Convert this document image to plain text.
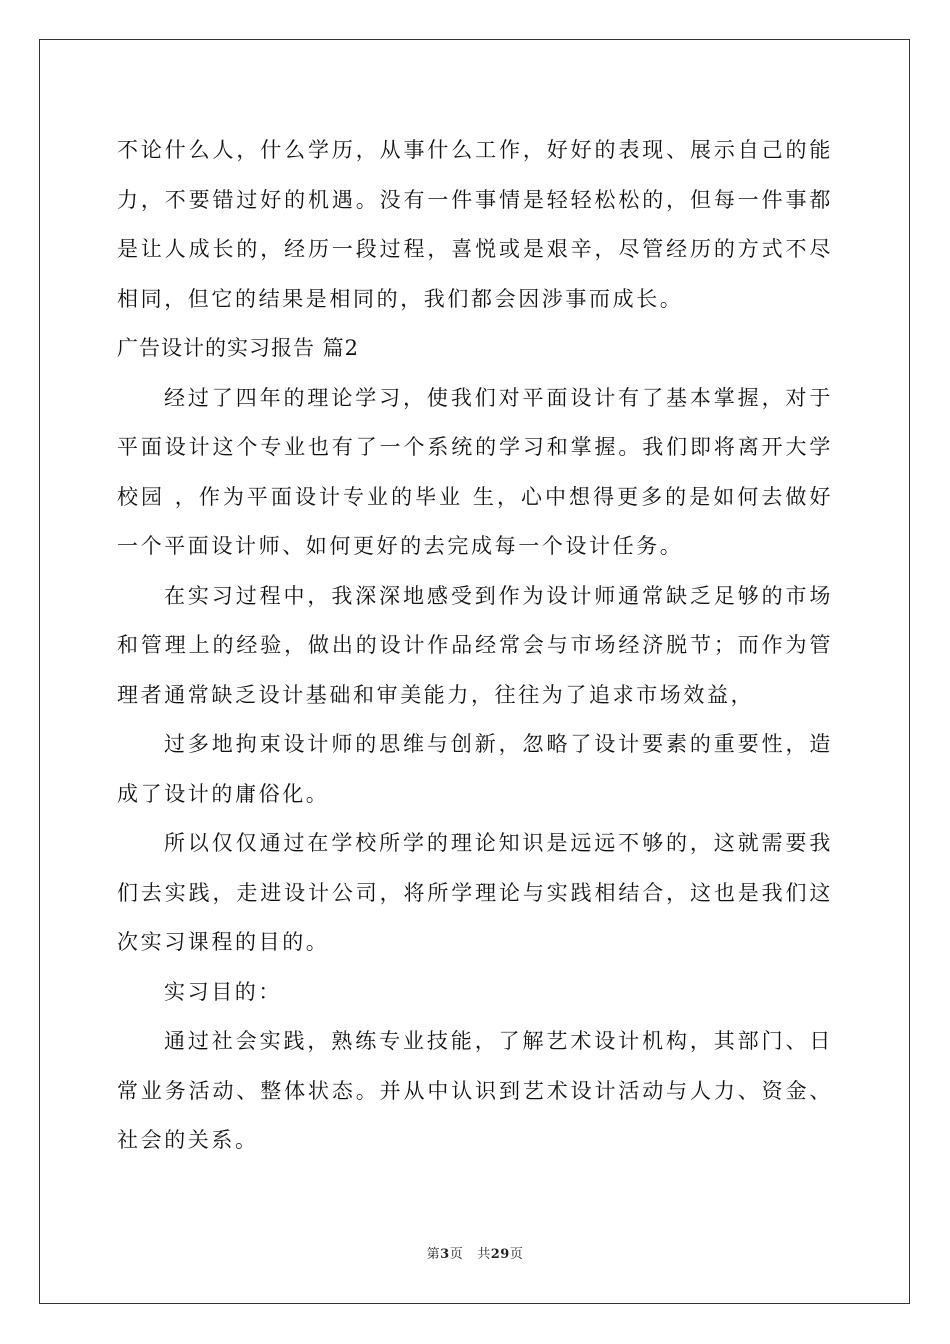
不论什么人，什么学历，从事什么工作，好好的表现、展示自己的能力，不要错过好的机遇。没有一件事情是轻轻松松的，但每一件事都是让人成长的，经历一段过程，喜悦或是艰辛，尽管经历的方式不尽相同，但它的结果是相同的，我们都会因涉事而成长。

广告设计的实习报告 篇2

经过了四年的理论学习，使我们对平面设计有了基本掌握，对于平面设计这个专业也有了一个系统的学习和掌握。我们即将离开大学校园 ，作为平面设计专业的毕业 生，心中想得更多的是如何去做好一个平面设计师、如何更好的去完成每一个设计任务。

在实习过程中，我深深地感受到作为设计师通常缺乏足够的市场和管理上的经验，做出的设计作品经常会与市场经济脱节；而作为管理者通常缺乏设计基础和审美能力，往往为了追求市场效益，

过多地拘束设计师的思维与创新，忽略了设计要素的重要性，造成了设计的庸俗化。

所以仅仅通过在学校所学的理论知识是远远不够的，这就需要我们去实践，走进设计公司，将所学理论与实践相结合，这也是我们这次实习课程的目的。

实习目的：

通过社会实践，熟练专业技能，了解艺术设计机构，其部门、日常业务活动、整体状态。并从中认识到艺术设计活动与人力、资金、社会的关系。

第3页 共29页
